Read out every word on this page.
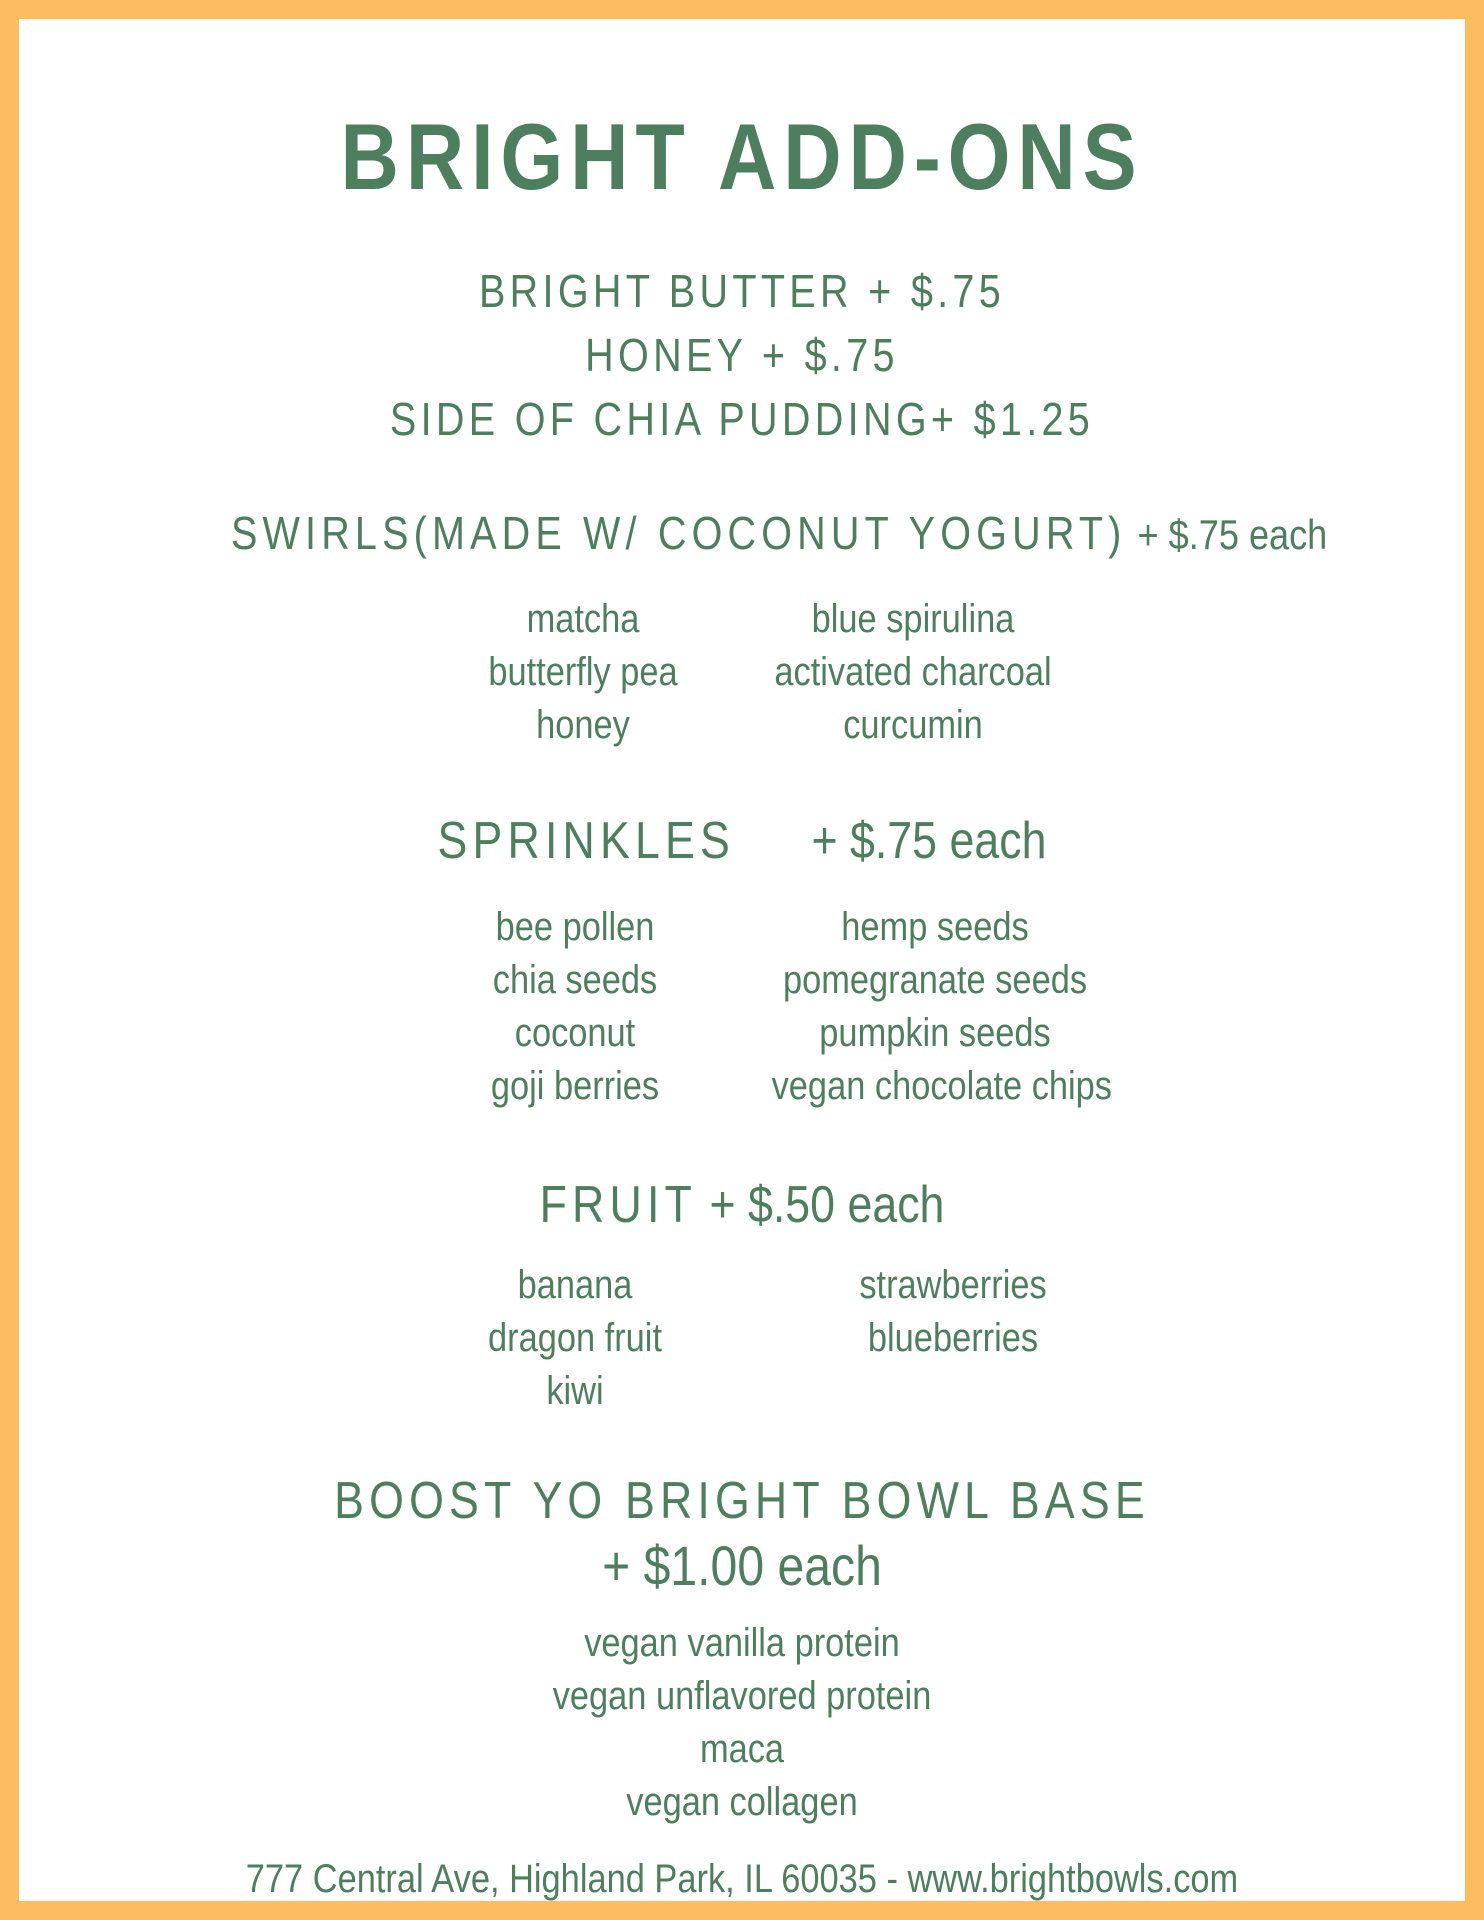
BRIGHT ADD-ONS
BRIGHT BUTTER + $.75
HONEY + $.75
SIDE OF CHIA PUDDING+ $1.25
SWIRLS(MADE W/ COCONUT YOGURT) + $.75 each
matcha
butterfly pea
honey
blue spirulina
activated charcoal
curcumin
SPRINKLES + $.75 each
bee pollen
chia seeds
coconut
goji berries
hemp seeds
pomegranate seeds
pumpkin seeds
vegan chocolate chips
FRUIT + $.50 each
banana
dragon fruit
kiwi
strawberries
blueberries
BOOST YO BRIGHT BOWL BASE
+ $1.00 each
vegan vanilla protein
vegan unflavored protein
maca
vegan collagen
777 Central Ave, Highland Park, IL 60035 - www.brightbowls.com
